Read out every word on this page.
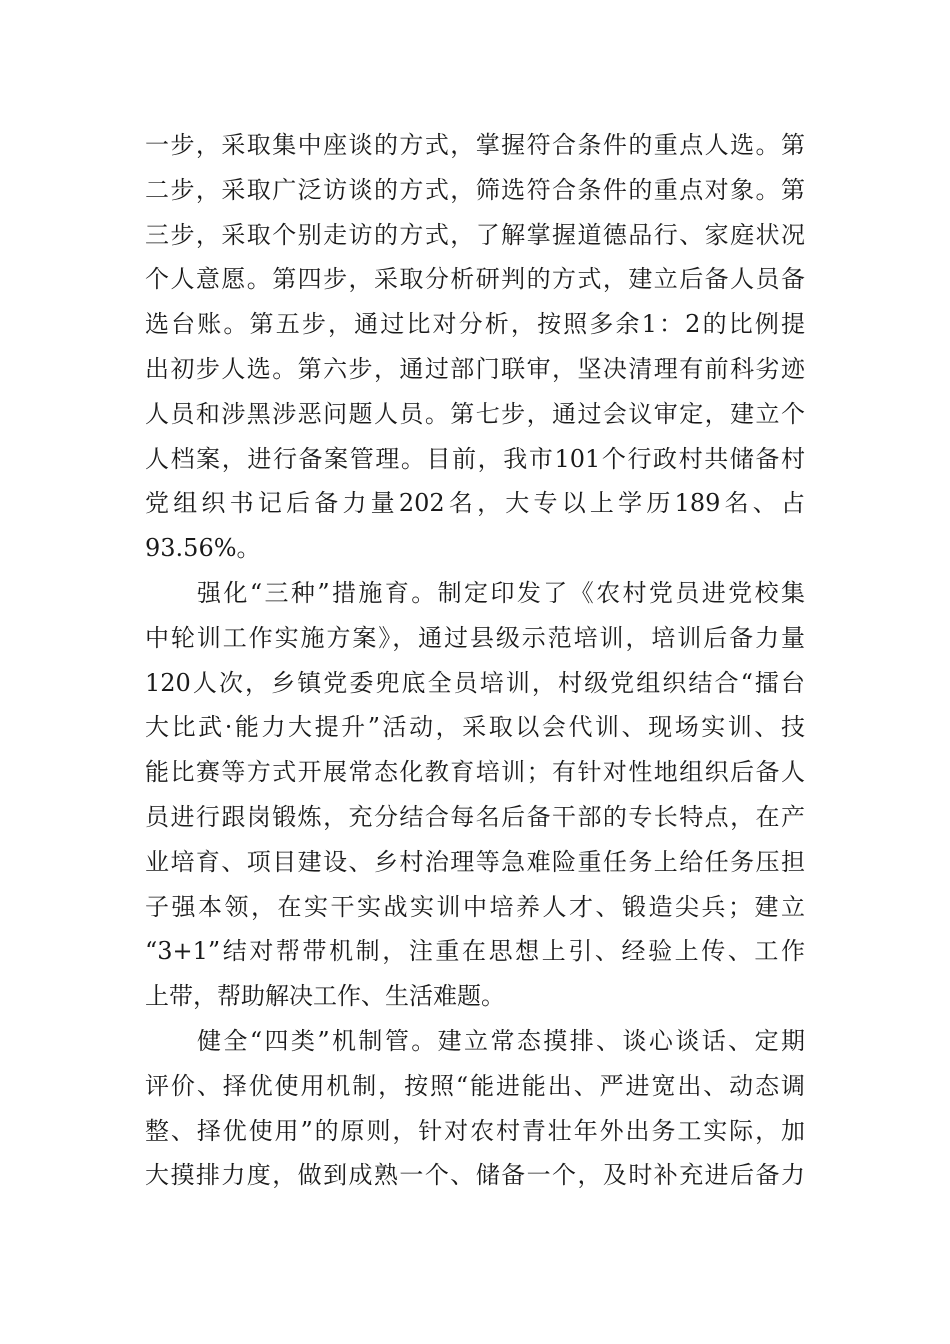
一步，采取集中座谈的方式，掌握符合条件的重点人选。第
二步，采取广泛访谈的方式，筛选符合条件的重点对象。第
三步，采取个别走访的方式，了解掌握道德品行、家庭状况
个人意愿。第四步，采取分析研判的方式，建立后备人员备
选台账。第五步，通过比对分析，按照多余1：2的比例提
出初步人选。第六步，通过部门联审，坚决清理有前科劣迹
人员和涉黑涉恶问题人员。第七步，通过会议审定，建立个
人档案，进行备案管理。目前，我市101个行政村共储备村
党组织书记后备力量202名，大专以上学历189名、占
93.56%。
强化“三种”措施育。制定印发了《农村党员进党校集
中轮训工作实施方案》，通过县级示范培训，培训后备力量
120人次，乡镇党委兜底全员培训，村级党组织结合“擂台
大比武·能力大提升”活动，采取以会代训、现场实训、技
能比赛等方式开展常态化教育培训；有针对性地组织后备人
员进行跟岗锻炼，充分结合每名后备干部的专长特点，在产
业培育、项目建设、乡村治理等急难险重任务上给任务压担
子强本领，在实干实战实训中培养人才、锻造尖兵；建立
“3+1”结对帮带机制，注重在思想上引、经验上传、工作
上带，帮助解决工作、生活难题。
健全“四类”机制管。建立常态摸排、谈心谈话、定期
评价、择优使用机制，按照“能进能出、严进宽出、动态调
整、择优使用”的原则，针对农村青壮年外出务工实际，加
大摸排力度，做到成熟一个、储备一个，及时补充进后备力
